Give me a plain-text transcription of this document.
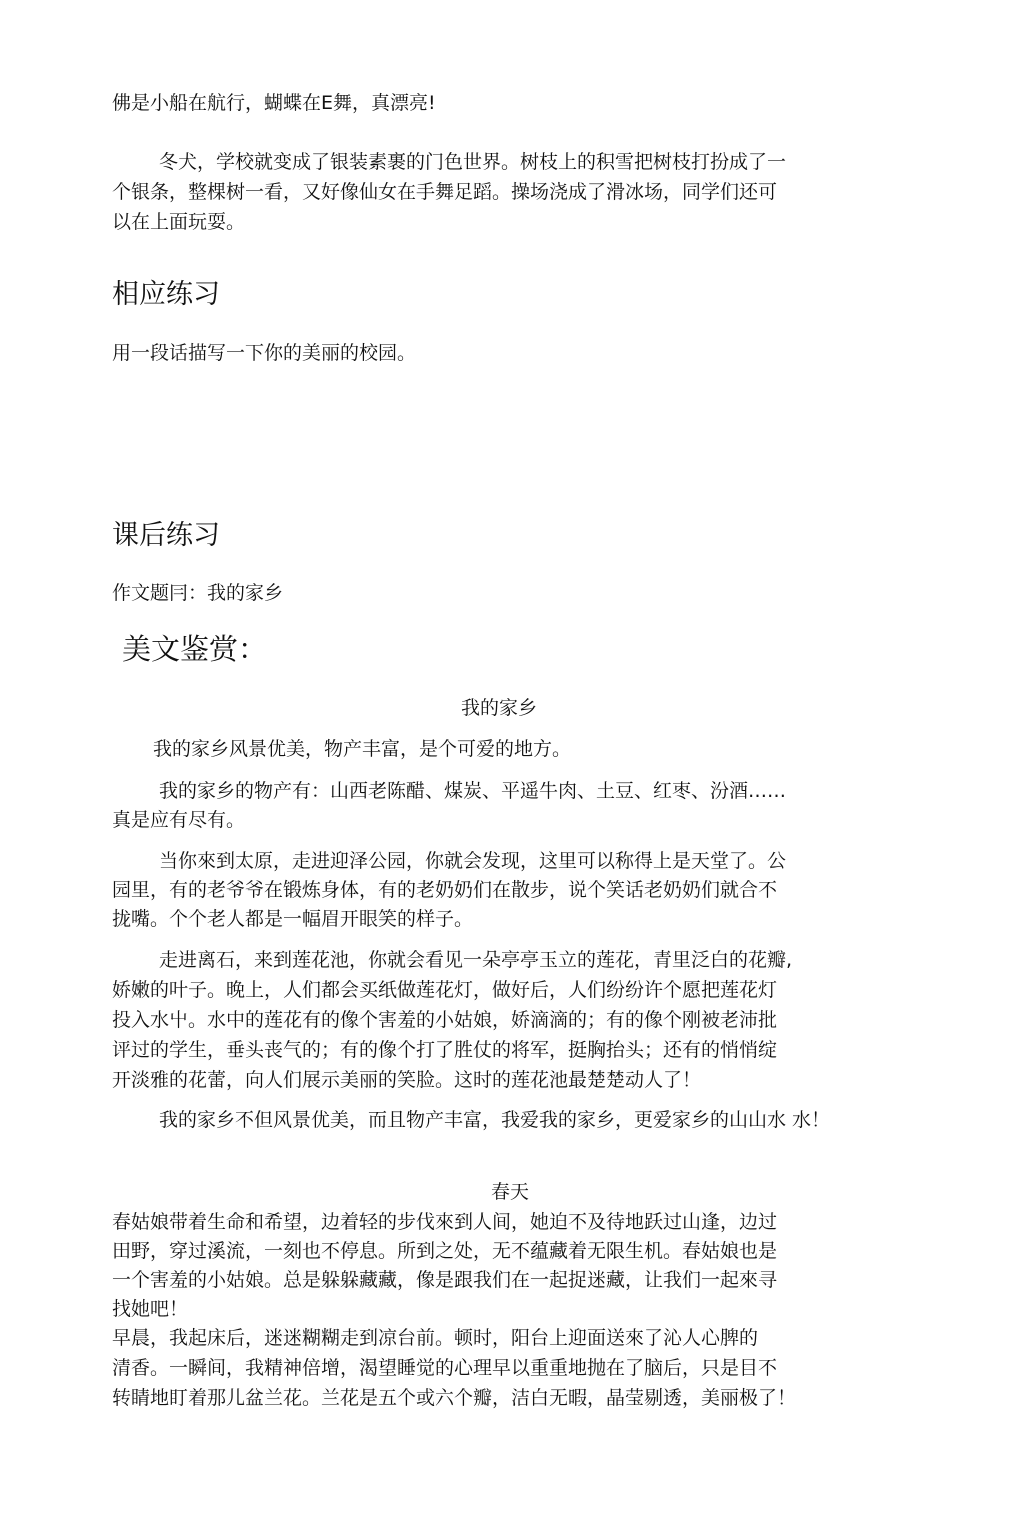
佛是小船在航行，蝴蝶在E舞，真漂亮!
冬犬，学校就变成了银装素裹的门色世界。树枝上的积雪把树枝打扮成了一
个银条，整棵树一看，又好像仙女在手舞足蹈。操场浇成了滑冰场，同学们还可
以在上面玩耍。
相应练习
用一段话描写一下你的美丽的校园。
课后练习
作文题冃：我的家乡
美文鉴赏：
我的家乡
我的家乡风景优美，物产丰富，是个可爱的地方。
我的家乡的物产有：山西老陈醋、煤炭、平遥牛肉、土豆、红枣、汾酒……
真是应有尽有。
当你來到太原，走进迎泽公园，你就会发现，这里可以称得上是天堂了。公
园里，有的老爷爷在锻炼身体，有的老奶奶们在散步，说个笑话老奶奶们就合不
拢嘴。个个老人都是一幅眉开眼笑的样子。
走进离石，来到莲花池，你就会看见一朵亭亭玉立的莲花，青里泛白的花瓣,
娇嫩的叶子。晚上，人们都会买纸做莲花灯，做好后，人们纷纷许个愿把莲花灯
投入水屮。水中的莲花有的像个害羞的小姑娘，娇滴滴的；有的像个刚被老沛批
评过的学生，垂头丧气的；有的像个打了胜仗的将军，挺胸抬头；还有的悄悄绽
开淡雅的花蕾，向人们展示美丽的笑脸。这时的莲花池最楚楚动人了！
我的家乡不但风景优美，而且物产丰富，我爱我的家乡，更爱家乡的山山水 水！
春天
春姑娘带着生命和希望，边着轻的步伐來到人间，她迫不及待地跃过山逢，边过
田野，穿过溪流，一刻也不停息。所到之处，无不蕴藏着无限生机。春姑娘也是
一个害羞的小姑娘。总是躲躲藏藏，像是跟我们在一起捉迷藏，让我们一起來寻
找她吧！
早晨，我起床后，迷迷糊糊走到凉台前。顿时，阳台上迎面送來了沁人心脾的
清香。一瞬间，我精神倍增，渴望睡觉的心理早以重重地抛在了脑后，只是目不
转睛地盯着那儿盆兰花。兰花是五个或六个瓣，洁白无暇，晶莹剔透，美丽极了！
